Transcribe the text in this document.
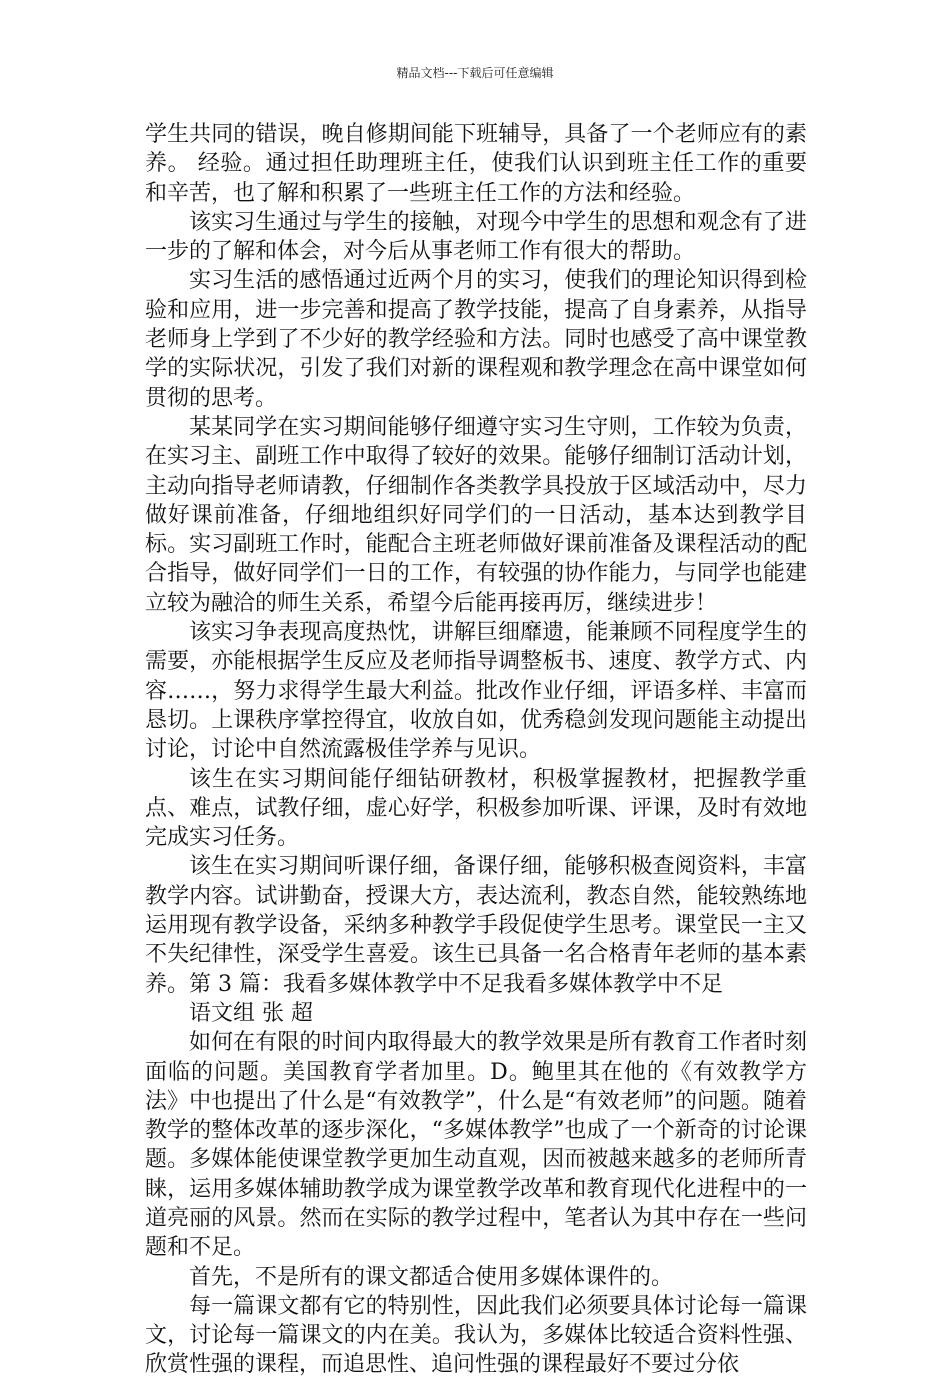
精品文档---下载后可任意编辑

学生共同的错误，晚自修期间能下班辅导，具备了一个老师应有的素养。 经验。通过担任助理班主任，使我们认识到班主任工作的重要和辛苦，也了解和积累了一些班主任工作的方法和经验。

该实习生通过与学生的接触，对现今中学生的思想和观念有了进一步的了解和体会，对今后从事老师工作有很大的帮助。

实习生活的感悟通过近两个月的实习，使我们的理论知识得到检验和应用，进一步完善和提高了教学技能，提高了自身素养，从指导老师身上学到了不少好的教学经验和方法。同时也感受了高中课堂教学的实际状况，引发了我们对新的课程观和教学理念在高中课堂如何贯彻的思考。

某某同学在实习期间能够仔细遵守实习生守则，工作较为负责，在实习主、副班工作中取得了较好的效果。能够仔细制订活动计划，主动向指导老师请教，仔细制作各类教学具投放于区域活动中，尽力做好课前准备，仔细地组织好同学们的一日活动，基本达到教学目标。实习副班工作时，能配合主班老师做好课前准备及课程活动的配合指导，做好同学们一日的工作，有较强的协作能力，与同学也能建立较为融洽的师生关系，希望今后能再接再厉，继续进步！

该实习争表现高度热忱，讲解巨细靡遗，能兼顾不同程度学生的需要，亦能根据学生反应及老师指导调整板书、速度、教学方式、内容……，努力求得学生最大利益。批改作业仔细，评语多样、丰富而恳切。上课秩序掌控得宜，收放自如，优秀稳剑发现问题能主动提出讨论，讨论中自然流露极佳学养与见识。

该生在实习期间能仔细钻研教材，积极掌握教材，把握教学重点、难点，试教仔细，虚心好学，积极参加听课、评课，及时有效地完成实习任务。

该生在实习期间听课仔细，备课仔细，能够积极查阅资料，丰富教学内容。试讲勤奋，授课大方，表达流利，教态自然，能较熟练地运用现有教学设备，采纳多种教学手段促使学生思考。课堂民一主又不失纪律性，深受学生喜爱。该生已具备一名合格青年老师的基本素养。第 3 篇：我看多媒体教学中不足我看多媒体教学中不足

语文组 张 超

如何在有限的时间内取得最大的教学效果是所有教育工作者时刻面临的问题。美国教育学者加里。D。鲍里其在他的《有效教学方法》中也提出了什么是“有效教学”，什么是“有效老师”的问题。随着教学的整体改革的逐步深化，“多媒体教学”也成了一个新奇的讨论课题。多媒体能使课堂教学更加生动直观，因而被越来越多的老师所青睐，运用多媒体辅助教学成为课堂教学改革和教育现代化进程中的一道亮丽的风景。然而在实际的教学过程中，笔者认为其中存在一些问题和不足。

首先，不是所有的课文都适合使用多媒体课件的。

每一篇课文都有它的特别性，因此我们必须要具体讨论每一篇课文，讨论每一篇课文的内在美。我认为，多媒体比较适合资料性强、欣赏性强的课程，而追思性、追问性强的课程最好不要过分依
